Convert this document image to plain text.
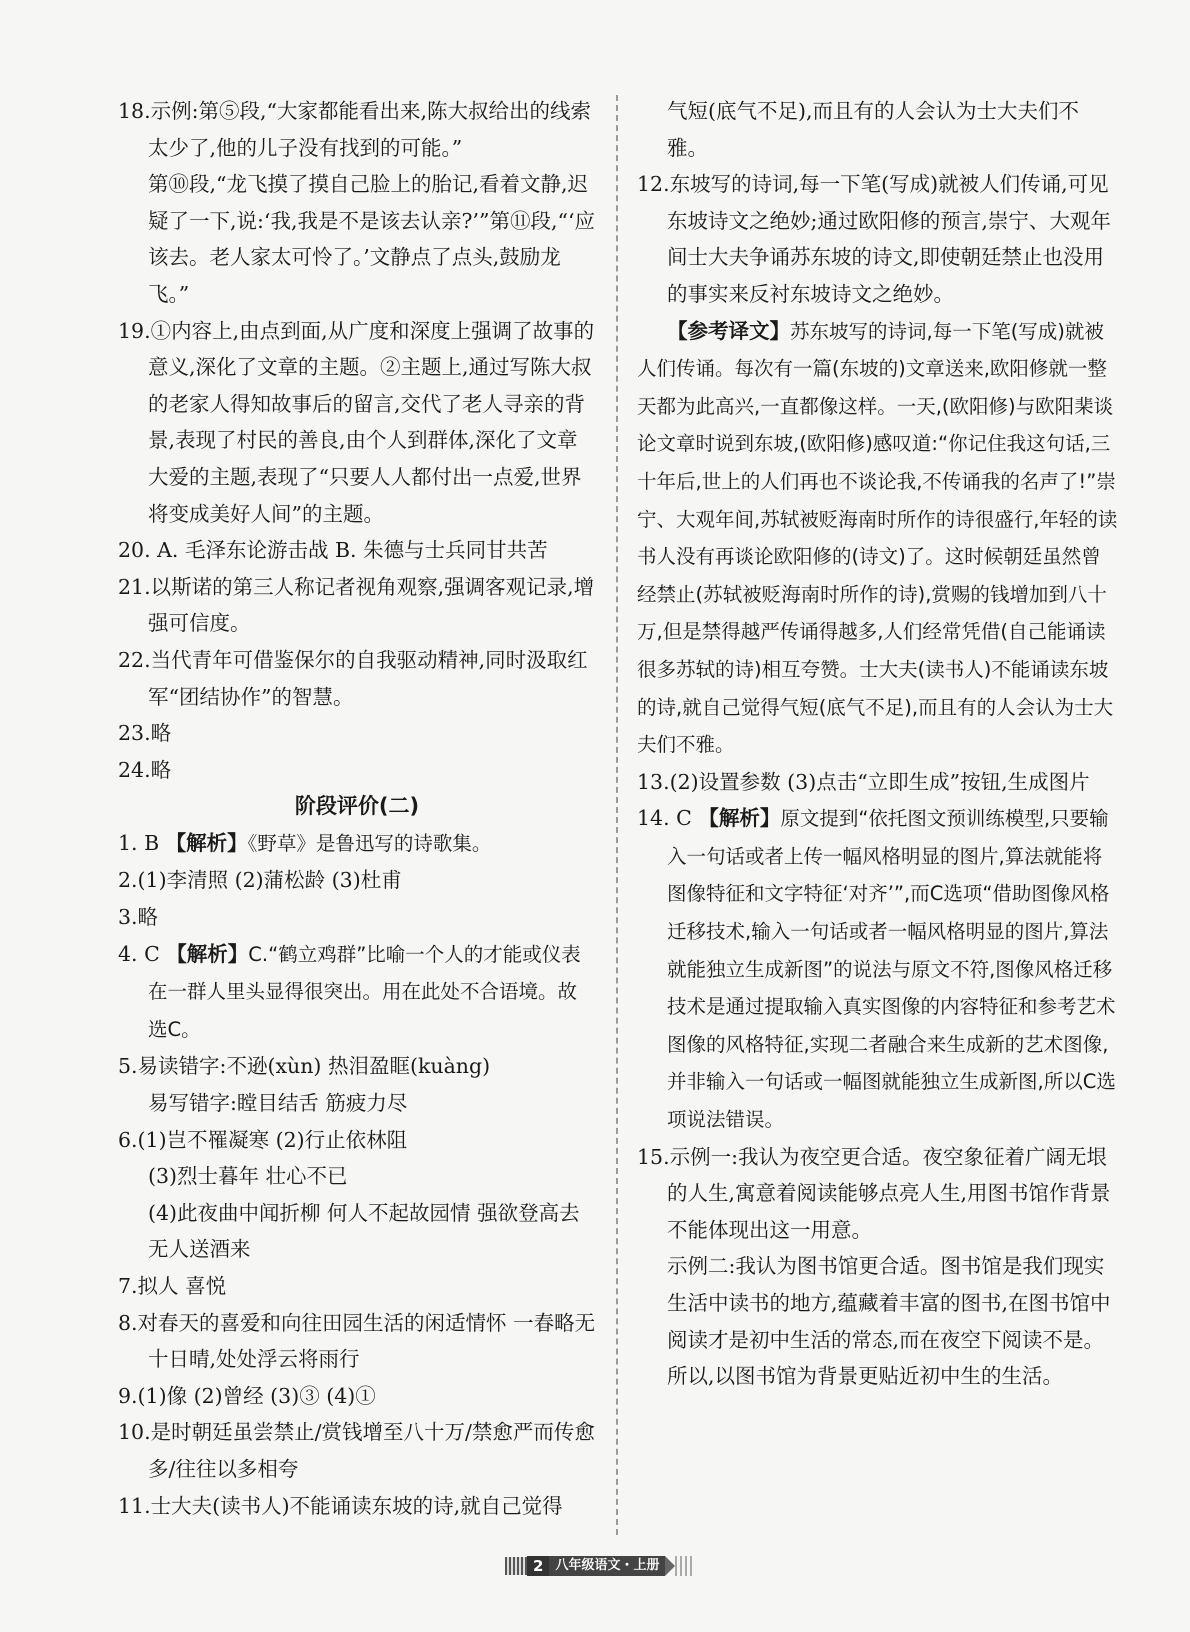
18.示例:第⑤段,“大家都能看出来,陈大叔给出的线索太少了,他的儿子没有找到的可能。”

第⑩段,“龙飞摸了摸自己脸上的胎记,看着文静,迟疑了一下,说:‘我,我是不是该去认亲?’”第⑪段,“‘应该去。老人家太可怜了。’文静点了点头,鼓励龙飞。”

19.①内容上,由点到面,从广度和深度上强调了故事的意义,深化了文章的主题。②主题上,通过写陈大叔的老家人得知故事后的留言,交代了老人寻亲的背景,表现了村民的善良,由个人到群体,深化了文章大爱的主题,表现了“只要人人都付出一点爱,世界将变成美好人间”的主题。

20. A. 毛泽东论游击战 B. 朱德与士兵同甘共苦

21.以斯诺的第三人称记者视角观察,强调客观记录,增强可信度。

22.当代青年可借鉴保尔的自我驱动精神,同时汲取红军“团结协作”的智慧。

23.略

24.略

阶段评价(二)

1. B 【解析】《野草》是鲁迅写的诗歌集。

2.(1)李清照 (2)蒲松龄 (3)杜甫

3.略

4. C 【解析】C.“鹤立鸡群”比喻一个人的才能或仪表在一群人里头显得很突出。用在此处不合语境。故选C。

5.易读错字:不逊(xùn) 热泪盈眶(kuàng)

易写错字:瞠目结舌 筋疲力尽

6.(1)岂不罹凝寒 (2)行止依林阻

(3)烈士暮年 壮心不已

(4)此夜曲中闻折柳 何人不起故园情 强欲登高去 无人送酒来

7.拟人 喜悦

8.对春天的喜爱和向往田园生活的闲适情怀 一春略无十日晴,处处浮云将雨行

9.(1)像 (2)曾经 (3)③ (4)①

10.是时朝廷虽尝禁止/赏钱增至八十万/禁愈严而传愈多/往往以多相夸

11.士大夫(读书人)不能诵读东坡的诗,就自己觉得

气短(底气不足),而且有的人会认为士大夫们不雅。

12.东坡写的诗词,每一下笔(写成)就被人们传诵,可见东坡诗文之绝妙;通过欧阳修的预言,崇宁、大观年间士大夫争诵苏东坡的诗文,即使朝廷禁止也没用的事实来反衬东坡诗文之绝妙。

【参考译文】苏东坡写的诗词,每一下笔(写成)就被人们传诵。每次有一篇(东坡的)文章送来,欧阳修就一整天都为此高兴,一直都像这样。一天,(欧阳修)与欧阳棐谈论文章时说到东坡,(欧阳修)感叹道:“你记住我这句话,三十年后,世上的人们再也不谈论我,不传诵我的名声了!”崇宁、大观年间,苏轼被贬海南时所作的诗很盛行,年轻的读书人没有再谈论欧阳修的(诗文)了。这时候朝廷虽然曾经禁止(苏轼被贬海南时所作的诗),赏赐的钱增加到八十万,但是禁得越严传诵得越多,人们经常凭借(自己能诵读很多苏轼的诗)相互夸赞。士大夫(读书人)不能诵读东坡的诗,就自己觉得气短(底气不足),而且有的人会认为士大夫们不雅。

13.(2)设置参数 (3)点击“立即生成”按钮,生成图片

14. C 【解析】原文提到“依托图文预训练模型,只要输入一句话或者上传一幅风格明显的图片,算法就能将图像特征和文字特征‘对齐’”,而C选项“借助图像风格迁移技术,输入一句话或者一幅风格明显的图片,算法就能独立生成新图”的说法与原文不符,图像风格迁移技术是通过提取输入真实图像的内容特征和参考艺术图像的风格特征,实现二者融合来生成新的艺术图像,并非输入一句话或一幅图就能独立生成新图,所以C选项说法错误。

15.示例一:我认为夜空更合适。夜空象征着广阔无垠的人生,寓意着阅读能够点亮人生,用图书馆作背景不能体现出这一用意。

示例二:我认为图书馆更合适。图书馆是我们现实生活中读书的地方,蕴藏着丰富的图书,在图书馆中阅读才是初中生活的常态,而在夜空下阅读不是。所以,以图书馆为背景更贴近初中生的生活。

2 八年级语文・上册
